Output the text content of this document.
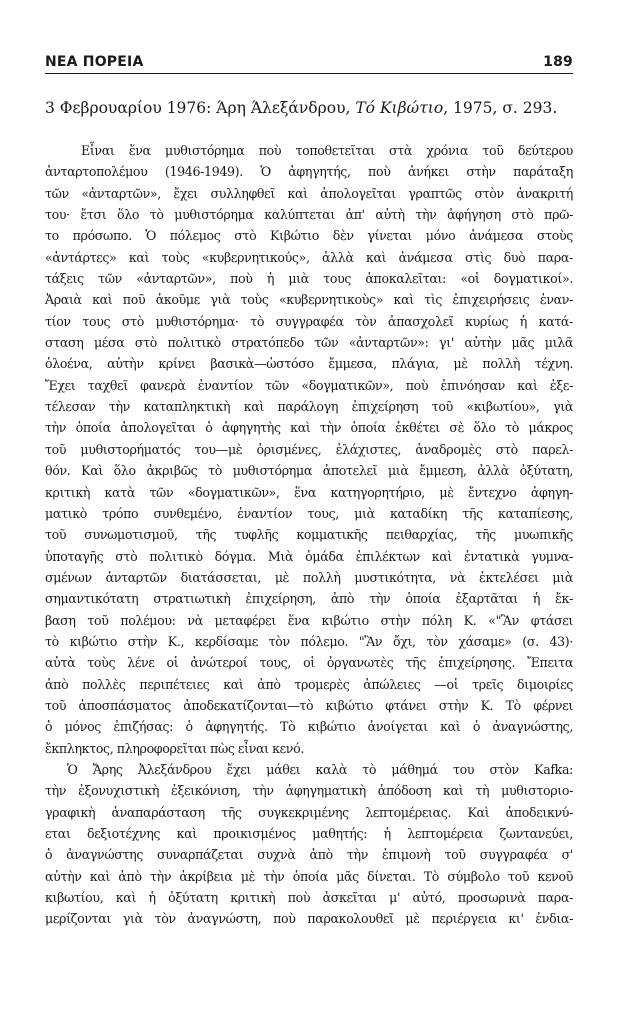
ΝΕΑ ΠΟΡΕΙΑ	189
3 Φεβρουαρίου 1976: Άρη Άλεξάνδρου, Τό Κιβώτιο, 1975, σ. 293.
Εἶναι ἕνα μυθιστόρημα ποὺ τοποθετεῖται στὰ χρόνια τοῦ δεύτερου
ἀνταρτοπολέμου (1946-1949). Ὁ ἀφηγητής, ποὺ ἀνήκει στὴν παράταξη
τῶν «ἀνταρτῶν», ἔχει συλληφθεῖ καὶ ἀπολογεῖται γραπτῶς στὸν ἀνακριτή
του· ἔτσι ὅλο τὸ μυθιστόρημα καλύπτεται ἀπ' αὐτὴ τὴν ἀφήγηση στὸ πρῶ-
το πρόσωπο. Ὁ πόλεμος στὸ Κιβώτιο δὲν γίνεται μόνο ἀνάμεσα στοὺς
«ἀντάρτες» καὶ τοὺς «κυβερνητικούς», ἀλλὰ καὶ ἀνάμεσα στὶς δυὸ παρα-
τάξεις τῶν «ἀνταρτῶν», ποὺ ἡ μιὰ τους ἀποκαλεῖται: «οἱ δογματικοί».
Ἀραιὰ καὶ ποῦ ἀκοῦμε γιὰ τοὺς «κυβερνητικοὺς» καὶ τὶς ἐπιχειρήσεις ἐναν-
τίον τους στὸ μυθιστόρημα· τὸ συγγραφέα τὸν ἀπασχολεῖ κυρίως ἡ κατά-
σταση μέσα στὸ πολιτικὸ στρατόπεδο τῶν «ἀνταρτῶν»: γι' αὐτὴν μᾶς μιλᾶ
ὁλοένα, αὐτὴν κρίνει βασικὰ—ὡστόσο ἔμμεσα, πλάγια, μὲ πολλὴ τέχνη.
Ἔχει ταχθεῖ φανερὰ ἐναντίον τῶν «δογματικῶν», ποὺ ἐπινόησαν καὶ ἐξε-
τέλεσαν τὴν καταπληκτικὴ καὶ παράλογη ἐπιχείρηση τοῦ «κιβωτίου», γιὰ
τὴν ὁποία ἀπολογεῖται ὁ ἀφηγητὴς καὶ τὴν ὁποία ἐκθέτει σὲ ὅλο τὸ μάκρος
τοῦ μυθιστορήματός του—μὲ ὁρισμένες, ἐλάχιστες, ἀναδρομὲς στὸ παρελ-
θόν. Καὶ ὅλο ἀκριβῶς τὸ μυθιστόρημα ἀποτελεῖ μιὰ ἔμμεση, ἀλλὰ ὀξύτατη,
κριτικὴ κατὰ τῶν «δογματικῶν», ἕνα κατηγορητήριο, μὲ ἔντεχνο ἀφηγη-
ματικὸ τρόπο συνθεμένο, ἐναντίον τους, μιὰ καταδίκη τῆς καταπίεσης,
τοῦ συνωμοτισμοῦ, τῆς τυφλῆς κομματικῆς πειθαρχίας, τῆς μυωπικῆς
ὑποταγῆς στὸ πολιτικὸ δόγμα. Μιὰ ὁμάδα ἐπιλέκτων καὶ ἐντατικὰ γυμνα-
σμένων ἀνταρτῶν διατάσσεται, μὲ πολλὴ μυστικότητα, νὰ ἐκτελέσει μιὰ
σημαντικότατη στρατιωτικὴ ἐπιχείρηση, ἀπὸ τὴν ὁποία ἐξαρτᾶται ἡ ἔκ-
βαση τοῦ πολέμου: νὰ μεταφέρει ἕνα κιβώτιο στὴν πόλη Κ. «"Ἂν φτάσει
τὸ κιβώτιο στὴν Κ., κερδίσαμε τὸν πόλεμο. "Ἂν ὄχι, τὸν χάσαμε» (σ. 43)·
αὐτὰ τοὺς λένε οἱ ἀνώτεροί τους, οἱ ὀργανωτὲς τῆς ἐπιχείρησης. Ἔπειτα
ἀπὸ πολλὲς περιπέτειες καὶ ἀπὸ τρομερὲς ἀπώλειες —οἱ τρεῖς διμοιρίες
τοῦ ἀποσπάσματος ἀποδεκατίζονται—τὸ κιβώτιο φτάνει στὴν Κ. Τὸ φέρνει
ὁ μόνος ἐπιζήσας: ὁ ἀφηγητής. Τὸ κιβώτιο ἀνοίγεται καὶ ὁ ἀναγνώστης,
ἔκπληκτος, πληροφορεῖται πὼς εἶναι κενό.
Ὁ Ἄρης Ἀλεξάνδρου ἔχει μάθει καλὰ τὸ μάθημά του στὸν Kafka:
τὴν ἐξονυχιστικὴ ἐξεικόνιση, τὴν ἀφηγηματικὴ ἀπόδοση καὶ τὴ μυθιστοριο-
γραφικὴ ἀναπαράσταση τῆς συγκεκριμένης λεπτομέρειας. Καὶ ἀποδεικνύ-
εται δεξιοτέχνης καὶ προικισμένος μαθητής: ἡ λεπτομέρεια ζωντανεύει,
ὁ ἀναγνώστης συναρπάζεται συχνὰ ἀπὸ τὴν ἐπιμονὴ τοῦ συγγραφέα σ'
αὐτὴν καὶ ἀπὸ τὴν ἀκρίβεια μὲ τὴν ὁποία μᾶς δίνεται. Τὸ σύμβολο τοῦ κενοῦ
κιβωτίου, καὶ ἡ ὀξύτατη κριτικὴ ποὺ ἀσκεῖται μ' αὐτό, προσωρινὰ παρα-
μερίζονται γιὰ τὸν ἀναγνώστη, ποὺ παρακολουθεῖ μὲ περιέργεια κι' ἐνδια-
